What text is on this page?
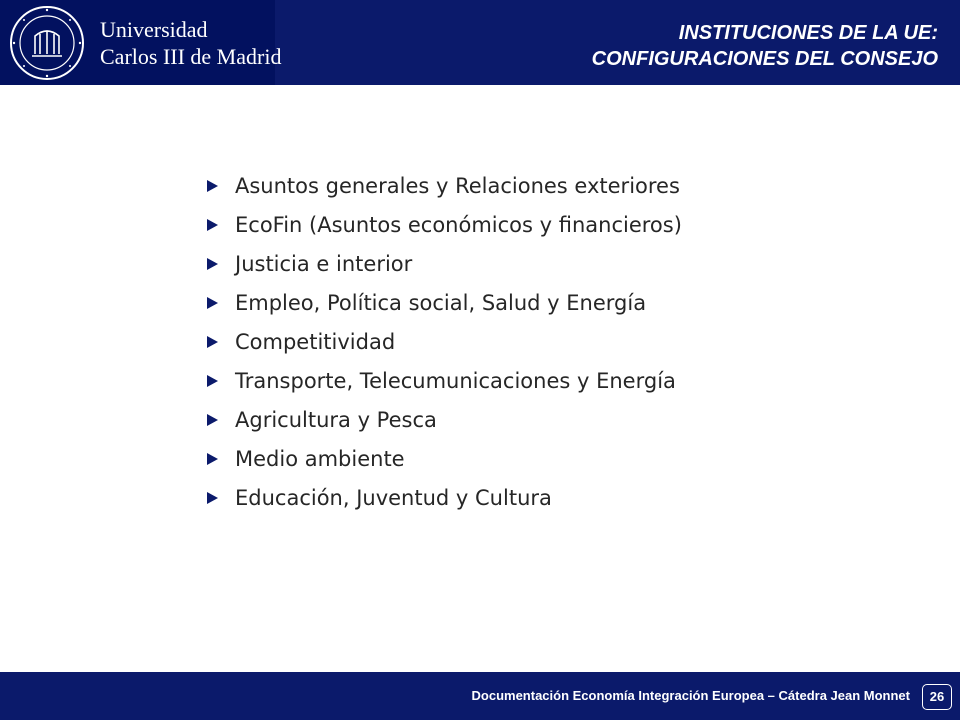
Universidad
Carlos III de Madrid
INSTITUCIONES DE LA UE:
CONFIGURACIONES DEL CONSEJO
Asuntos generales y Relaciones exteriores
EcoFin (Asuntos económicos y financieros)
Justicia e interior
Empleo, Política social, Salud y Energía
Competitividad
Transporte, Telecumunicaciones y Energía
Agricultura y Pesca
Medio ambiente
Educación, Juventud y Cultura
Documentación Economía Integración Europea – Cátedra Jean Monnet	26
